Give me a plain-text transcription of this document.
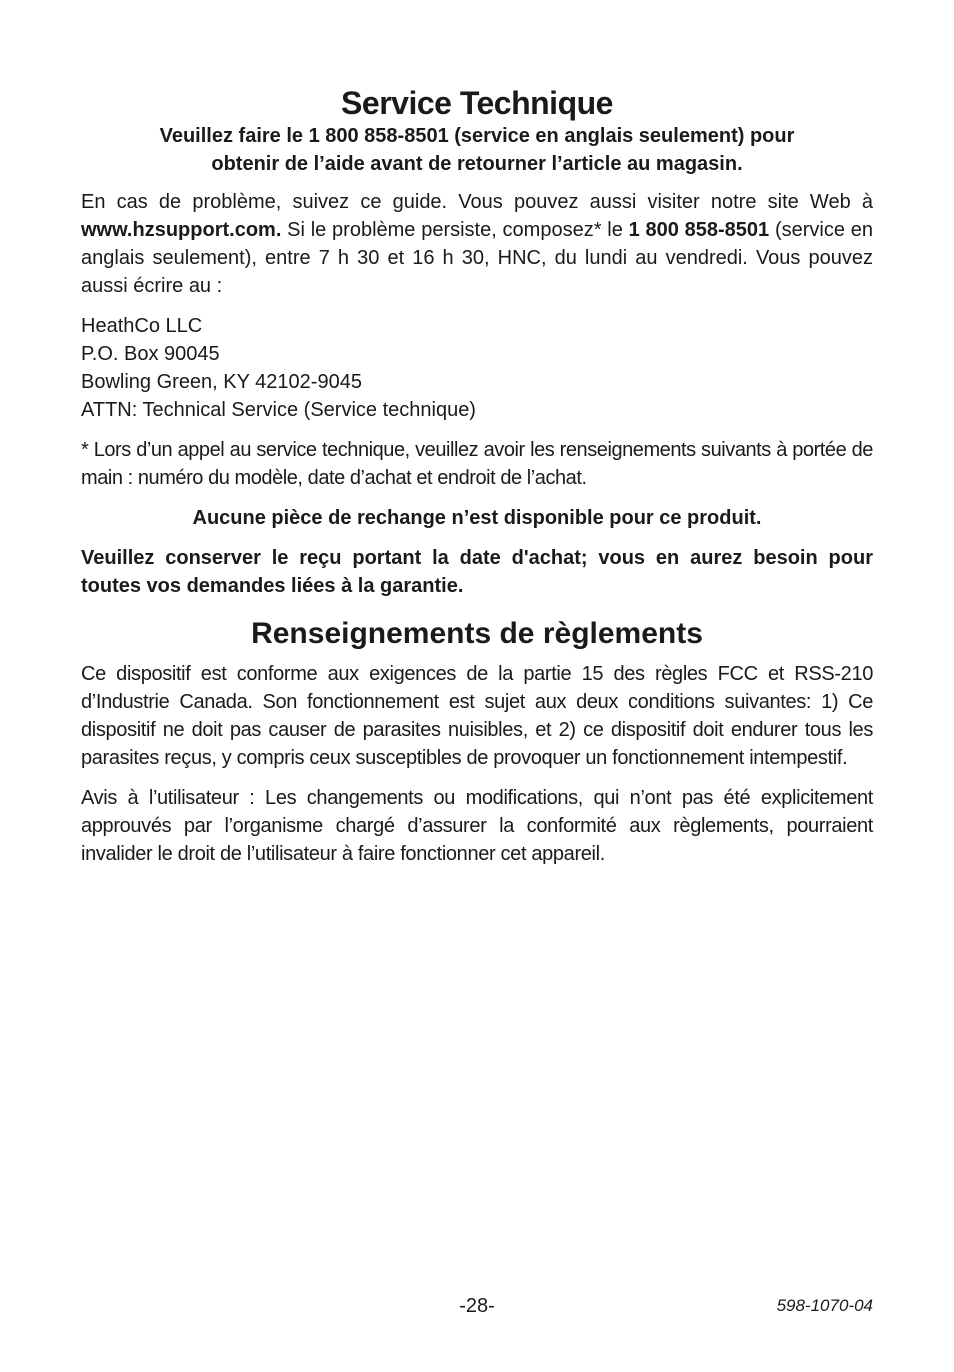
Service Technique
Veuillez faire le 1 800 858-8501 (service en anglais seulement) pour
obtenir de l’aide avant de retourner l’article au magasin.

En cas de problème, suivez ce guide. Vous pouvez aussi visiter notre site Web à www.hzsupport.com. Si le problème persiste, composez* le 1 800 858-8501 (service en anglais seulement), entre 7 h 30 et 16 h 30, HNC, du lundi au vendredi. Vous pouvez aussi écrire au :

HeathCo LLC
P.O. Box 90045
Bowling Green, KY 42102-9045
ATTN: Technical Service (Service technique)

* Lors d’un appel au service technique, veuillez avoir les renseignements suivants à portée de main : numéro du modèle, date d’achat et endroit de l’achat.

Aucune pièce de rechange n’est disponible pour ce produit.

Veuillez conserver le reçu portant la date d'achat; vous en aurez besoin pour toutes vos demandes liées à la garantie.

Renseignements de règlements

Ce dispositif est conforme aux exigences de la partie 15 des règles FCC et RSS-210 d’Industrie Canada. Son fonctionnement est sujet aux deux conditions suivantes: 1) Ce dispositif ne doit pas causer de parasites nuisibles, et 2) ce dispositif doit endurer tous les parasites reçus, y compris ceux susceptibles de provoquer un fonctionnement intempestif.

Avis à l’utilisateur : Les changements ou modifications, qui n’ont pas été explicitement approuvés par l’organisme chargé d’assurer la conformité aux règlements, pourraient invalider le droit de l’utilisateur à faire fonctionner cet appareil.

-28-	598-1070-04
